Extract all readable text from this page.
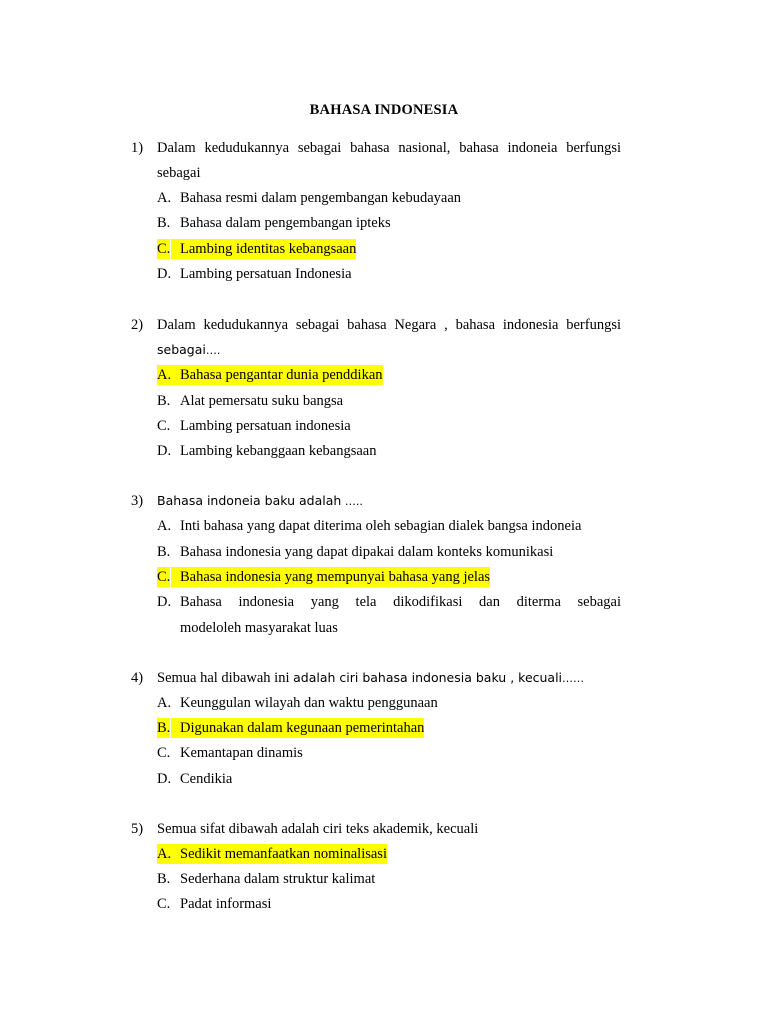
BAHASA INDONESIA
1) Dalam kedudukannya sebagai bahasa nasional, bahasa indoneia berfungsi
sebagai
A. Bahasa resmi dalam pengembangan kebudayaan
B. Bahasa dalam pengembangan ipteks
C. Lambing identitas kebangsaan
D. Lambing persatuan Indonesia
2) Dalam kedudukannya sebagai bahasa Negara , bahasa indonesia berfungsi
sebagai….
A. Bahasa pengantar dunia penddikan
B. Alat pemersatu suku bangsa
C. Lambing persatuan indonesia
D. Lambing kebanggaan kebangsaan
3) Bahasa indoneia baku adalah …..
A. Inti bahasa yang dapat diterima oleh sebagian dialek bangsa indoneia
B. Bahasa indonesia yang dapat dipakai dalam konteks komunikasi
C. Bahasa indonesia yang mempunyai bahasa yang jelas
D. Bahasa indonesia yang tela dikodifikasi dan diterma sebagai
modeloleh masyarakat luas
4) Semua hal dibawah ini adalah ciri bahasa indonesia baku , kecuali……
A. Keunggulan wilayah dan waktu penggunaan
B. Digunakan dalam kegunaan pemerintahan
C. Kemantapan dinamis
D. Cendikia
5) Semua sifat dibawah adalah ciri teks akademik, kecuali
A. Sedikit memanfaatkan nominalisasi
B. Sederhana dalam struktur kalimat
C. Padat informasi
